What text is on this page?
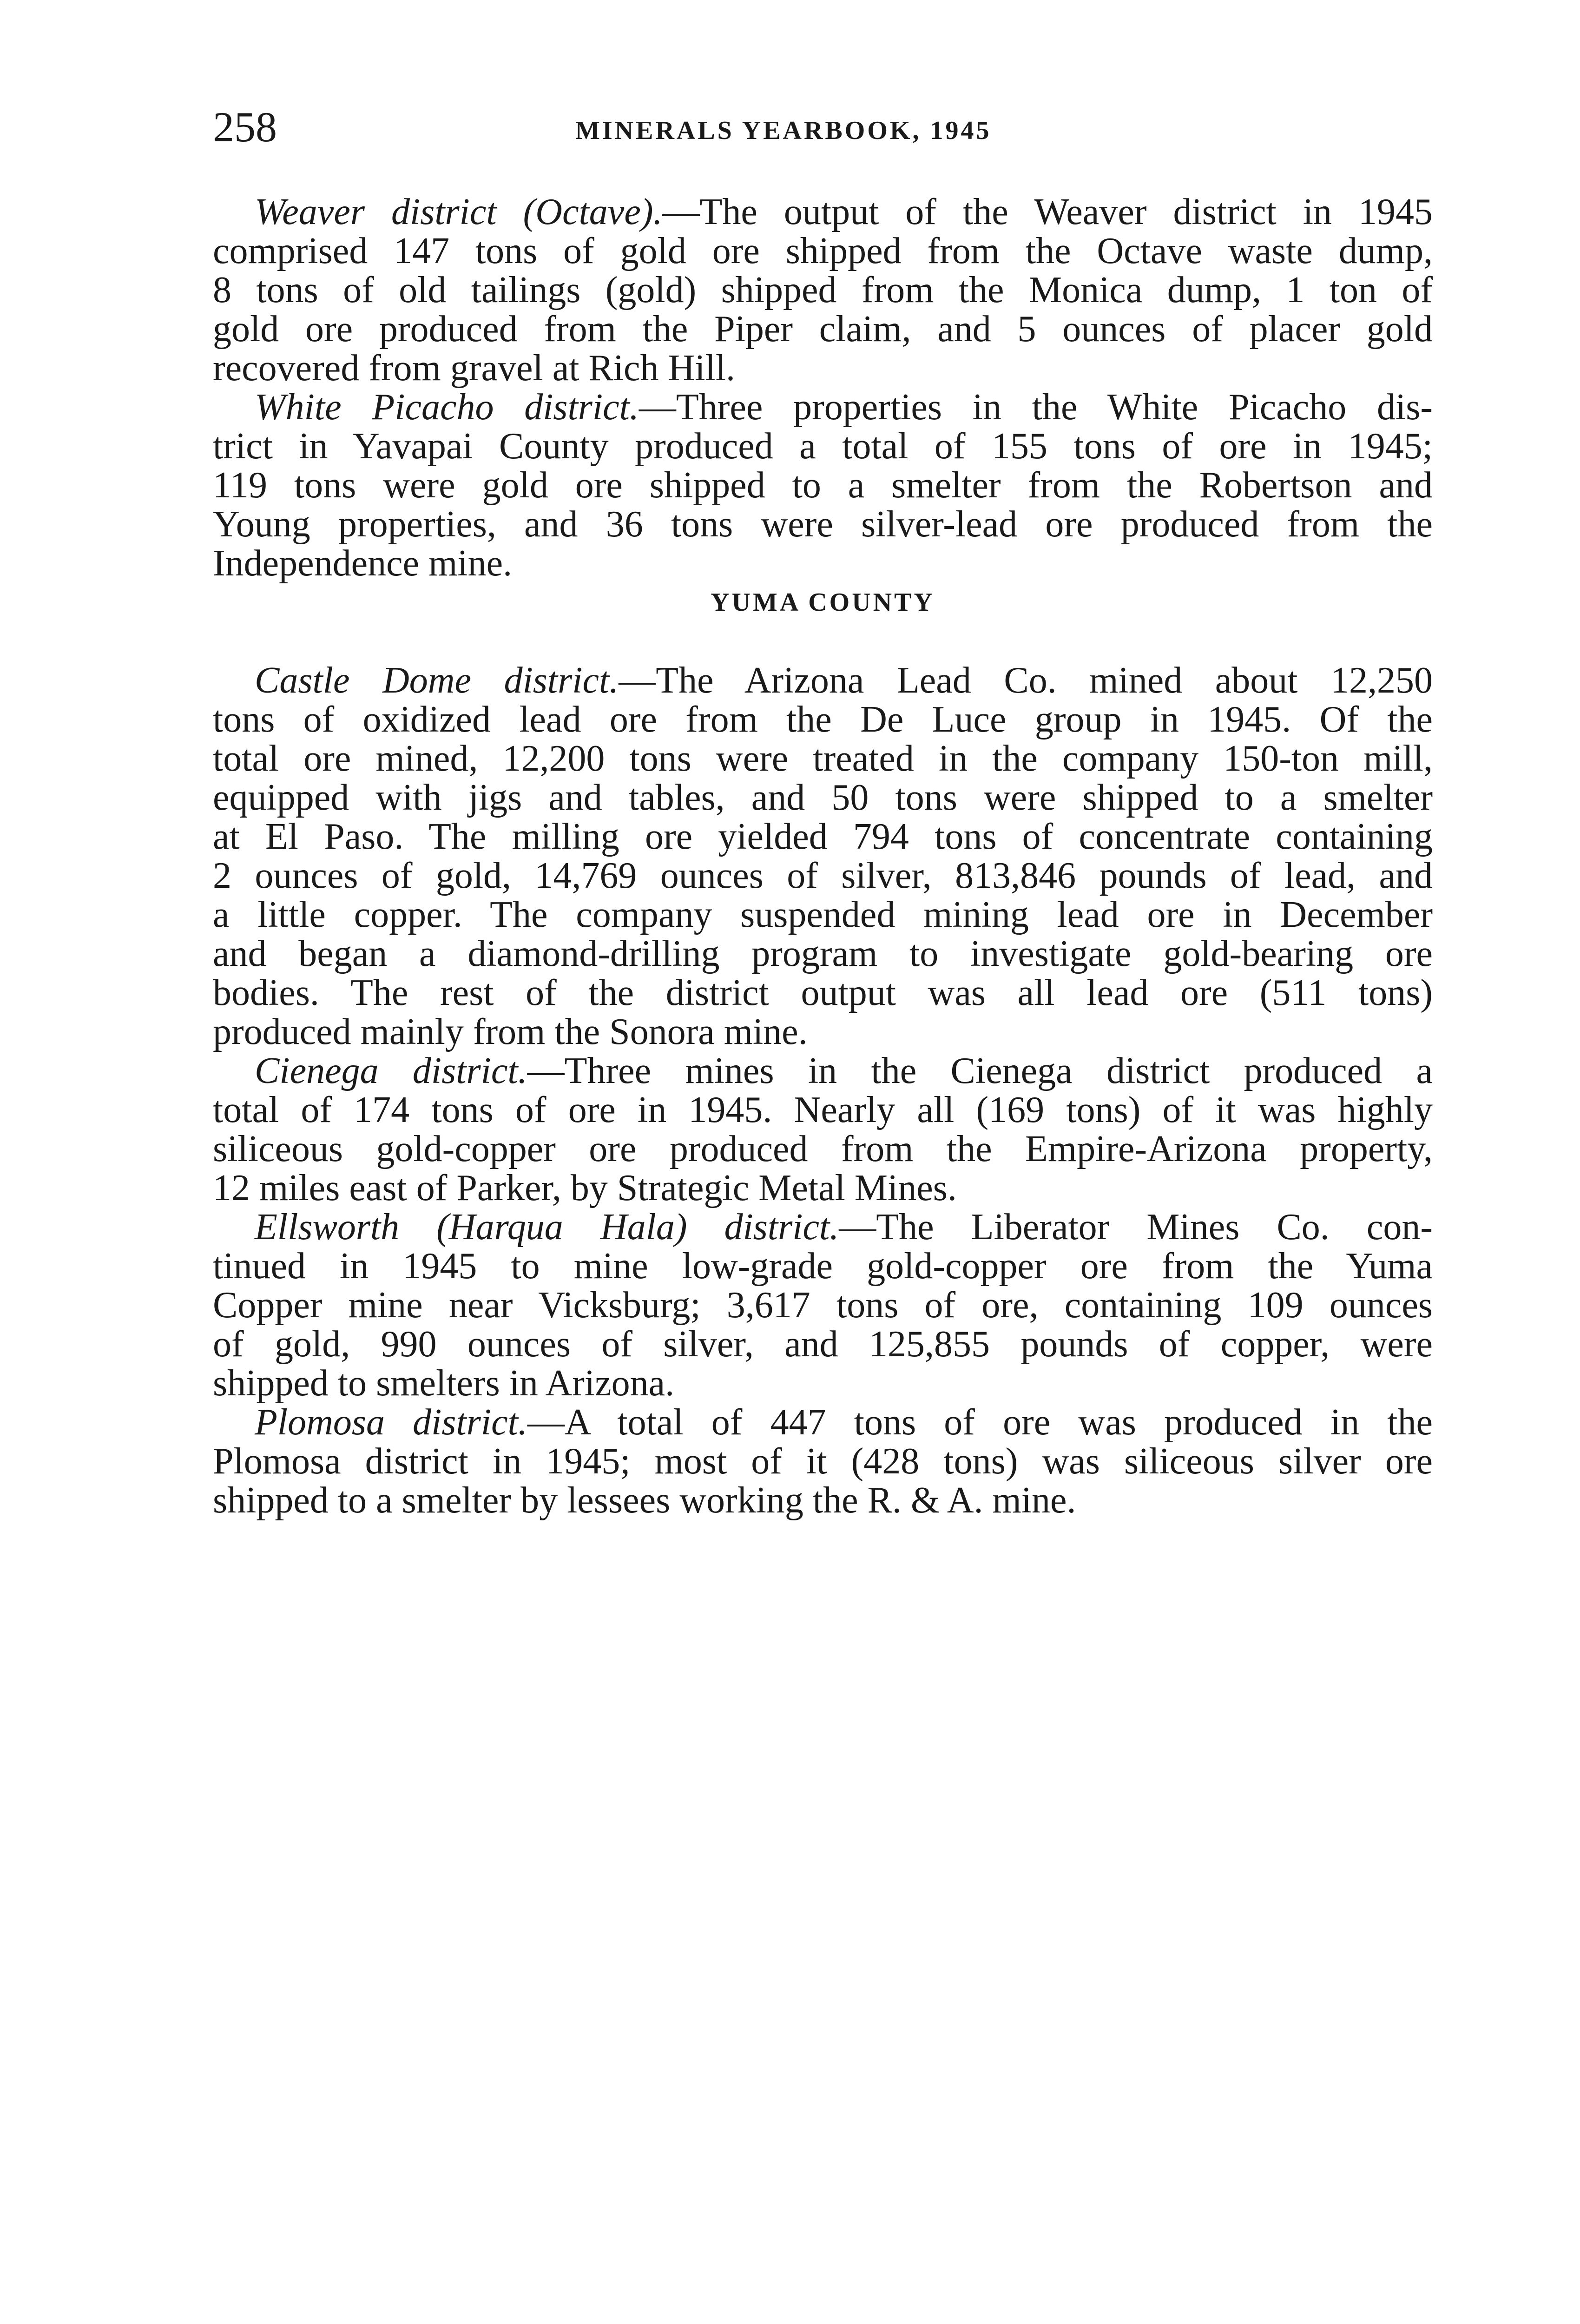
258	MINERALS YEARBOOK, 1945

Weaver district (Octave).—The output of the Weaver district in 1945
comprised 147 tons of gold ore shipped from the Octave waste dump,
8 tons of old tailings (gold) shipped from the Monica dump, 1 ton of
gold ore produced from the Piper claim, and 5 ounces of placer gold
recovered from gravel at Rich Hill.

White Picacho district.—Three properties in the White Picacho dis-
trict in Yavapai County produced a total of 155 tons of ore in 1945;
119 tons were gold ore shipped to a smelter from the Robertson and
Young properties, and 36 tons were silver-lead ore produced from the
Independence mine.

YUMA COUNTY

Castle Dome district.—The Arizona Lead Co. mined about 12,250
tons of oxidized lead ore from the De Luce group in 1945. Of the
total ore mined, 12,200 tons were treated in the company 150-ton mill,
equipped with jigs and tables, and 50 tons were shipped to a smelter
at El Paso. The milling ore yielded 794 tons of concentrate containing
2 ounces of gold, 14,769 ounces of silver, 813,846 pounds of lead, and
a little copper. The company suspended mining lead ore in December
and began a diamond-drilling program to investigate gold-bearing ore
bodies. The rest of the district output was all lead ore (511 tons)
produced mainly from the Sonora mine.

Cienega district.—Three mines in the Cienega district produced a
total of 174 tons of ore in 1945. Nearly all (169 tons) of it was highly
siliceous gold-copper ore produced from the Empire-Arizona property,
12 miles east of Parker, by Strategic Metal Mines.

Ellsworth (Harqua Hala) district.—The Liberator Mines Co. con-
tinued in 1945 to mine low-grade gold-copper ore from the Yuma
Copper mine near Vicksburg; 3,617 tons of ore, containing 109 ounces
of gold, 990 ounces of silver, and 125,855 pounds of copper, were
shipped to smelters in Arizona.

Plomosa district.—A total of 447 tons of ore was produced in the
Plomosa district in 1945; most of it (428 tons) was siliceous silver ore
shipped to a smelter by lessees working the R. & A. mine.
